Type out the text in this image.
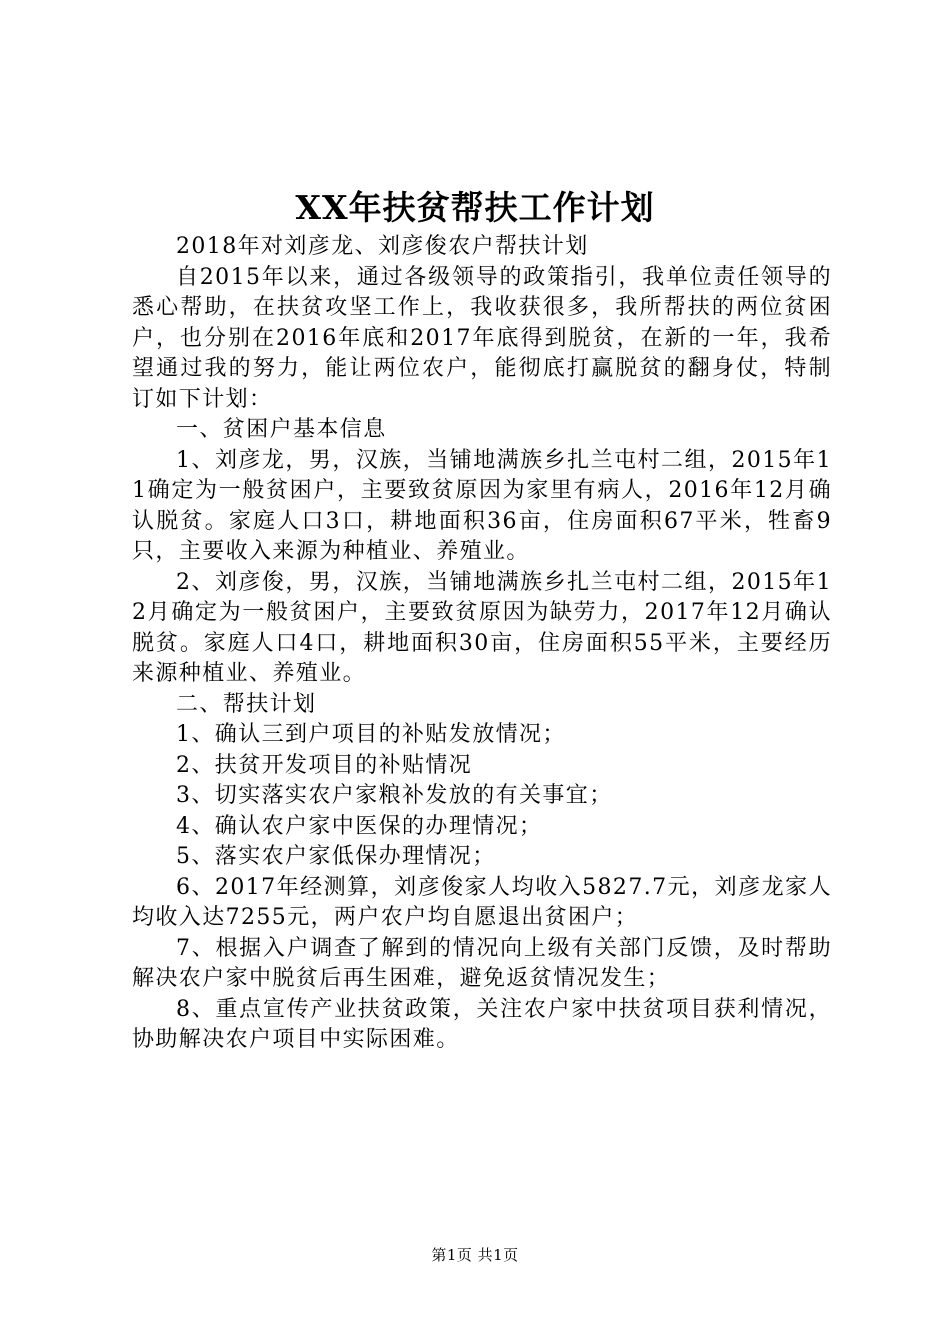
XX年扶贫帮扶工作计划

2018年对刘彦龙、刘彦俊农户帮扶计划

自2015年以来，通过各级领导的政策指引，我单位责任领导的悉心帮助，在扶贫攻坚工作上，我收获很多，我所帮扶的两位贫困户，也分别在2016年底和2017年底得到脱贫，在新的一年，我希望通过我的努力，能让两位农户，能彻底打赢脱贫的翻身仗，特制订如下计划：

一、贫困户基本信息

1、刘彦龙，男，汉族，当铺地满族乡扎兰屯村二组，2015年11确定为一般贫困户，主要致贫原因为家里有病人，2016年12月确认脱贫。家庭人口3口，耕地面积36亩，住房面积67平米，牲畜9只，主要收入来源为种植业、养殖业。

2、刘彦俊，男，汉族，当铺地满族乡扎兰屯村二组，2015年12月确定为一般贫困户，主要致贫原因为缺劳力，2017年12月确认脱贫。家庭人口4口，耕地面积30亩，住房面积55平米，主要经历来源种植业、养殖业。

二、帮扶计划

1、确认三到户项目的补贴发放情况；

2、扶贫开发项目的补贴情况

3、切实落实农户家粮补发放的有关事宜；

4、确认农户家中医保的办理情况；

5、落实农户家低保办理情况；

6、2017年经测算，刘彦俊家人均收入5827.7元，刘彦龙家人均收入达7255元，两户农户均自愿退出贫困户；

7、根据入户调查了解到的情况向上级有关部门反馈，及时帮助解决农户家中脱贫后再生困难，避免返贫情况发生；

8、重点宣传产业扶贫政策，关注农户家中扶贫项目获利情况，协助解决农户项目中实际困难。

第1页 共1页
